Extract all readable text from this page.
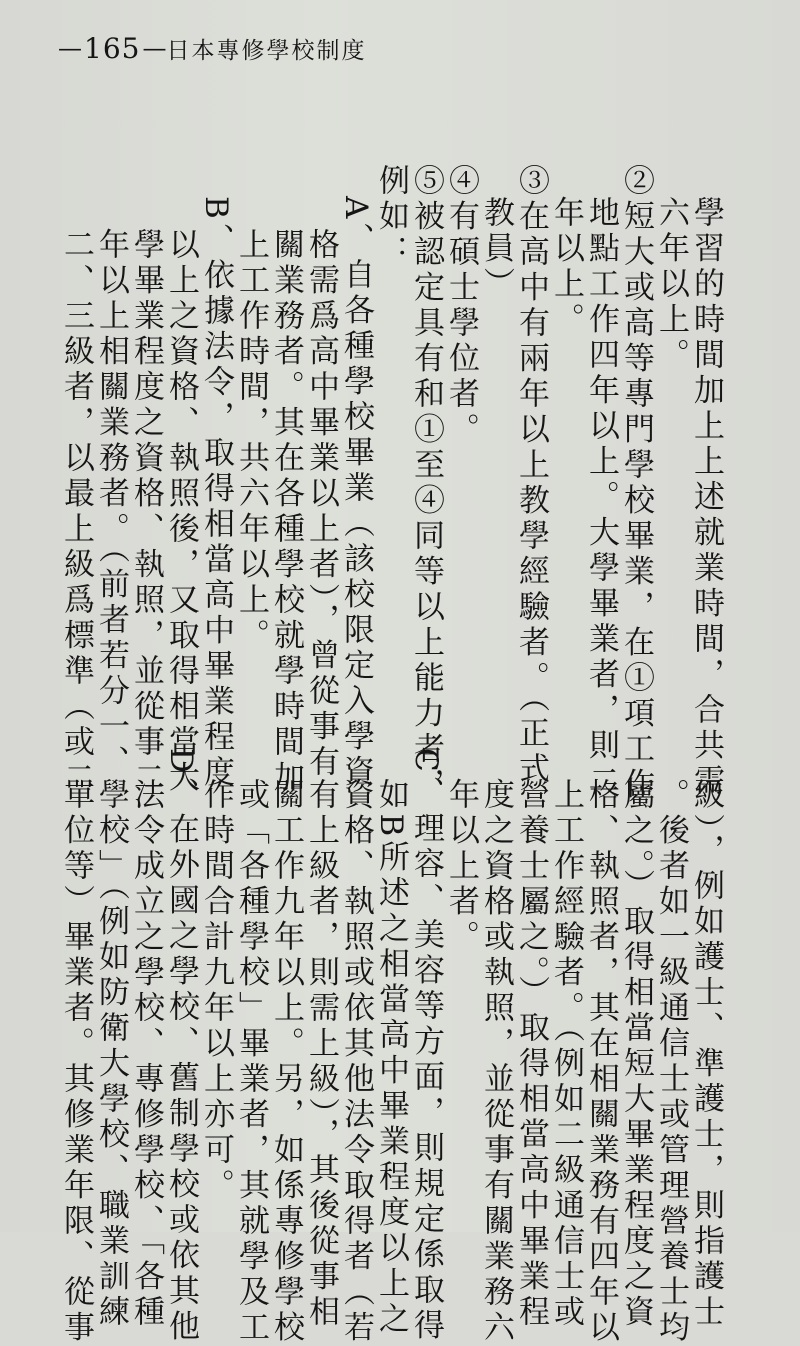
— 165 — 日本專修學校制度
學習的時間加上上述就業時間，合共需
六年以上。
②短大或高等專門學校畢業，在①項工作
地點工作四年以上。大學畢業者，則二
年以上。
③在高中有兩年以上教學經驗者。（正式
教員）
④有碩士學位者。
⑤被認定具有和①至④同等以上能力者，
例如：
A、自各種學校畢業（該校限定入學資
格需爲高中畢業以上者），曾從事有
關業務者。其在各種學校就學時間加
上工作時間，共六年以上。
B、依據法令，取得相當高中畢業程度
以上之資格、執照後，又取得相當大
學畢業程度之資格、執照，並從事二
年以上相關業務者。（前者若分一、
二、三級者，以最上級爲標準（或二
級），例如護士、準護士，則指護士
。後者如一級通信士或管理營養士均
屬之。）取得相當短大畢業程度之資
格、執照者，其在相關業務有四年以
上工作經驗者。（例如二級通信士或
營養士屬之。）取得相當高中畢業程
度之資格或執照，並從事有關業務六
年以上者。
C、理容、美容等方面，則規定係取得
如B所述之相當高中畢業程度以上之
資格、執照或依其他法令取得者（若
有上級者，則需上級），其後從事相
關工作九年以上。另，如係專修學校
或「各種學校」畢業者，其就學及工
作時間合計九年以上亦可。
D、在外國之學校、舊制學校或依其他
法令成立之學校、專修學校、「各種
學校」（例如防衛大學校、職業訓練
單位等）畢業者。其修業年限、從事
